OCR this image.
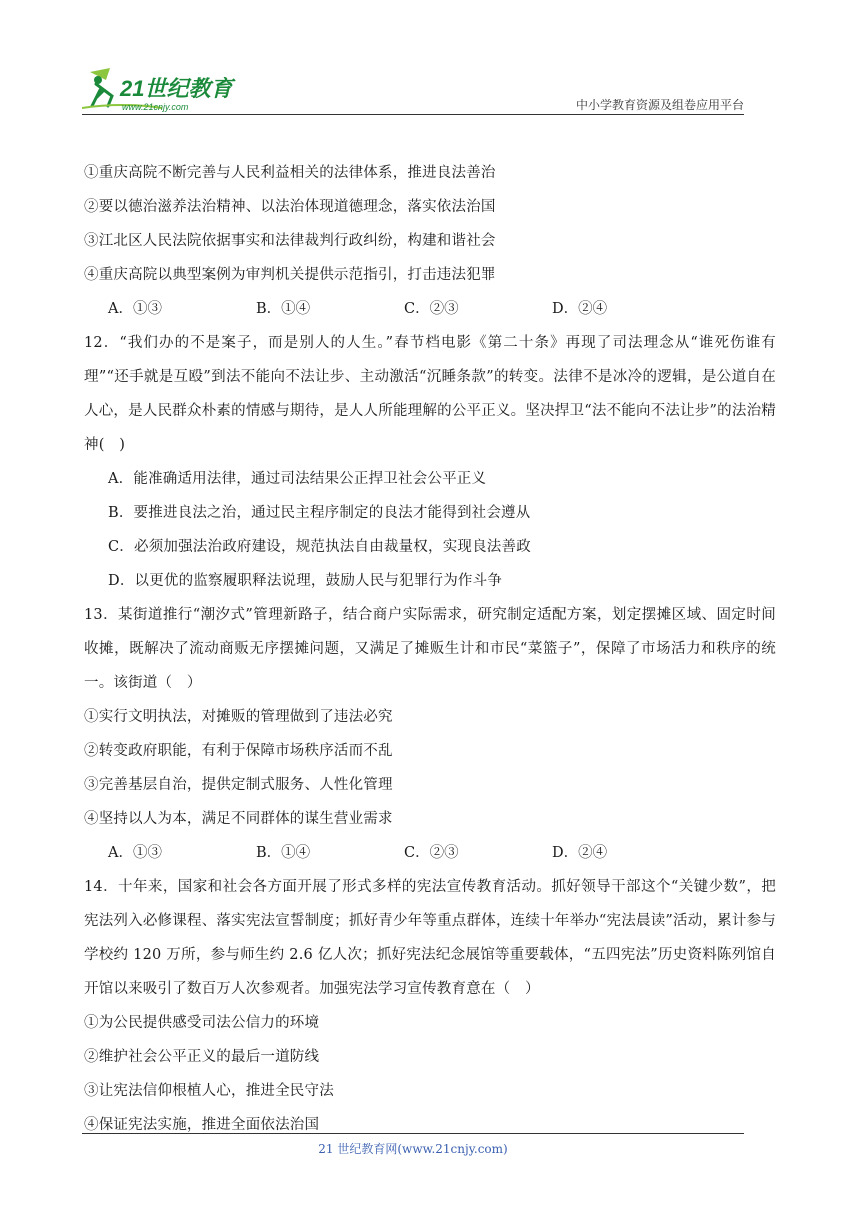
21世纪教育
www.21cnjy.com	中小学教育资源及组卷应用平台
①重庆高院不断完善与人民利益相关的法律体系，推进良法善治
②要以德治滋养法治精神、以法治体现道德理念，落实依法治国
③江北区人民法院依据事实和法律裁判行政纠纷，构建和谐社会
④重庆高院以典型案例为审判机关提供示范指引，打击违法犯罪
A．①③	B．①④	C．②③	D．②④
12．“我们办的不是案子，而是别人的人生。”春节档电影《第二十条》再现了司法理念从“谁死伤谁有理”“还手就是互殴”到法不能向不法让步、主动激活“沉睡条款”的转变。法律不是冰冷的逻辑，是公道自在人心，是人民群众朴素的情感与期待，是人人所能理解的公平正义。坚决捍卫“法不能向不法让步”的法治精神(　)
A．能准确适用法律，通过司法结果公正捍卫社会公平正义
B．要推进良法之治，通过民主程序制定的良法才能得到社会遵从
C．必须加强法治政府建设，规范执法自由裁量权，实现良法善政
D．以更优的监察履职释法说理，鼓励人民与犯罪行为作斗争
13．某街道推行“潮汐式”管理新路子，结合商户实际需求，研究制定适配方案，划定摆摊区域、固定时间收摊，既解决了流动商贩无序摆摊问题，又满足了摊贩生计和市民“菜篮子”，保障了市场活力和秩序的统一。该街道（　）
①实行文明执法，对摊贩的管理做到了违法必究
②转变政府职能，有利于保障市场秩序活而不乱
③完善基层自治，提供定制式服务、人性化管理
④坚持以人为本，满足不同群体的谋生营业需求
A．①③	B．①④	C．②③	D．②④
14．十年来，国家和社会各方面开展了形式多样的宪法宣传教育活动。抓好领导干部这个“关键少数”，把宪法列入必修课程、落实宪法宣誓制度；抓好青少年等重点群体，连续十年举办“宪法晨读”活动，累计参与学校约 120 万所，参与师生约 2.6 亿人次；抓好宪法纪念展馆等重要载体，“五四宪法”历史资料陈列馆自开馆以来吸引了数百万人次参观者。加强宪法学习宣传教育意在（　）
①为公民提供感受司法公信力的环境
②维护社会公平正义的最后一道防线
③让宪法信仰根植人心，推进全民守法
④保证宪法实施，推进全面依法治国
21 世纪教育网(www.21cnjy.com)
